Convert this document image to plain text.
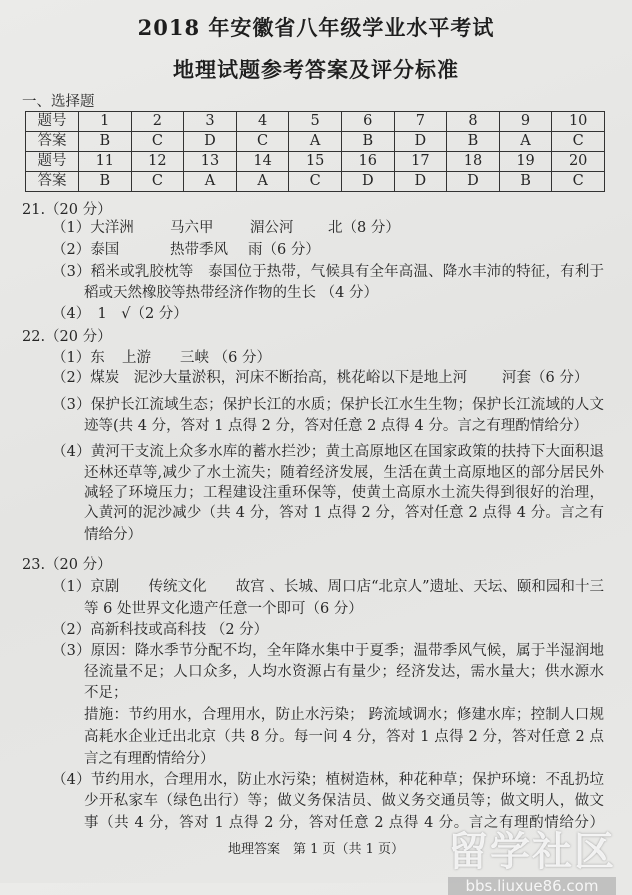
2018 年安徽省八年级学业水平考试
地理试题参考答案及评分标准
一、选择题
题号	1	2	3	4	5	6	7	8	9	10
答案	B	C	D	C	A	B	D	B	A	C
题号	11	12	13	14	15	16	17	18	19	20
答案	B	C	A	A	C	D	D	D	B	C
21.（20 分）
（1）大洋洲	马六甲	湄公河 北（8 分）
（2）泰国	热带季风 雨（6 分）
（3）稻米或乳胶枕等　泰国位于热带，气候具有全年高温、降水丰沛的特征，有利于
稻或天然橡胶等热带经济作物的生长 （4 分）
（4）　1　√（2 分）
22.（20 分）
（1）东 上游 三峡 （6 分）
（2）煤炭　泥沙大量淤积，河床不断抬高，桃花峪以下是地上河 河套（6 分）
（3）保护长江流域生态；保护长江的水质；保护长江水生生物；保护长江流域的人文
迹等(共 4 分，答对 1 点得 2 分，答对任意 2 点得 4 分。言之有理酌情给分）
（4）黄河干支流上众多水库的蓄水拦沙；黄土高原地区在国家政策的扶持下大面积退
还林还草等,减少了水土流失；随着经济发展，生活在黄土高原地区的部分居民外
减轻了环境压力；工程建设注重环保等，使黄土高原水土流失得到很好的治理，
入黄河的泥沙减少（共 4 分，答对 1 点得 2 分，答对任意 2 点得 4 分。言之有
情给分）
23.（20 分）
（1）京剧　　传统文化　　故宫 、长城、周口店“北京人”遗址、天坛、颐和园和十三
等 6 处世界文化遗产任意一个即可（6 分）
（2）高新科技或高科技 （2 分）
（3）原因：降水季节分配不均，全年降水集中于夏季；温带季风气候，属于半湿润地
径流量不足；人口众多，人均水资源占有量少；经济发达，需水量大；供水源水
不足；
措施：节约用水，合理用水，防止水污染； 跨流域调水；修建水库；控制人口规
高耗水企业迁出北京（共 8 分。每一问 4 分，答对 1 点得 2 分，答对任意 2 点
言之有理酌情给分）
（4）节约用水，合理用水，防止水污染；植树造林，种花种草；保护环境：不乱扔垃
少开私家车（绿色出行）等；做义务保洁员、做义务交通员等；做文明人，做文
事（共 4 分，答对 1 点得 2 分，答对任意 2 点得 4 分。言之有理酌情给分）
地理答案　第 1 页（共 1 页）	留学社区
bbs.liuxue86.com
